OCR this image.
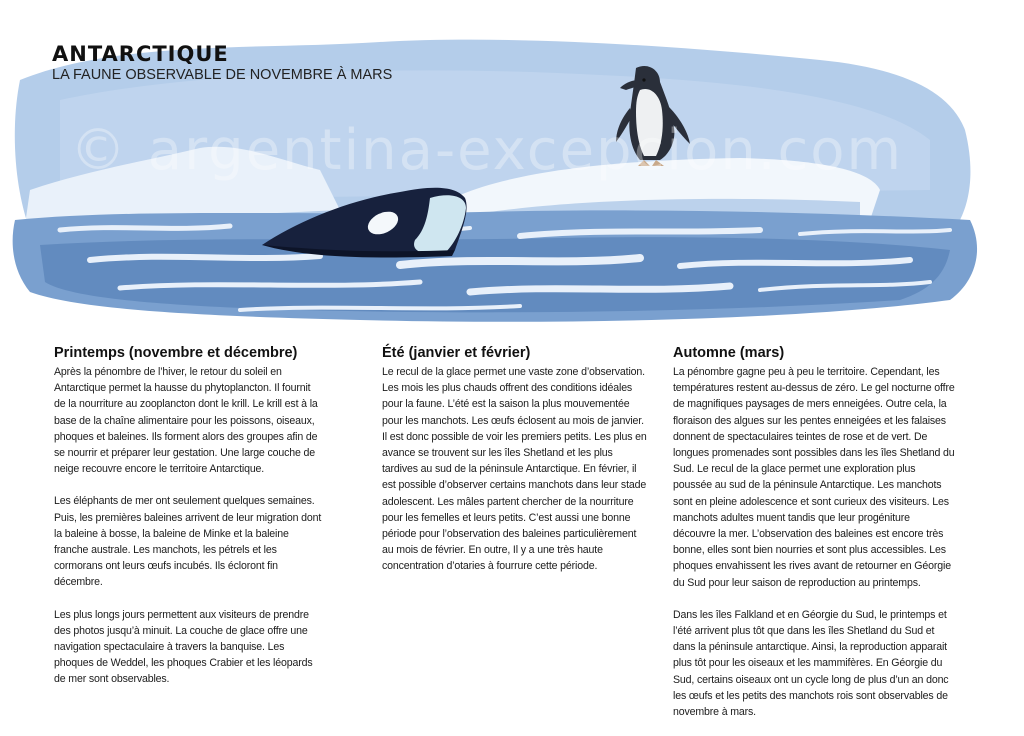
© argentina-excepcion.com
ANTARCTIQUE
LA FAUNE OBSERVABLE DE NOVEMBRE À MARS
Printemps (novembre et décembre)

Après la pénombre de l’hiver, le retour du soleil en Antarctique permet la hausse du phytoplancton. Il fournit de la nourriture au zooplancton dont le krill. Le krill est à la base de la chaîne alimentaire pour les poissons, oiseaux, phoques et baleines. Ils forment alors des groupes afin de se nourrir et préparer leur gestation. Une large couche de neige recouvre encore le territoire Antarctique.

Les éléphants de mer ont seulement quelques semaines. Puis, les premières baleines arrivent de leur migration dont la baleine à bosse, la baleine de Minke et la baleine franche australe. Les manchots, les pétrels et les cormorans ont leurs œufs incubés. Ils écloront fin décembre.

Les plus longs jours permettent aux visiteurs de prendre des photos jusqu’à minuit. La couche de glace offre une navigation spectaculaire à travers la banquise. Les phoques de Weddel, les phoques Crabier et les léopards de mer sont observables.

Été (janvier et février)

Le recul de la glace permet une vaste zone d’observation. Les mois les plus chauds offrent des conditions idéales pour la faune. L’été est la saison la plus mouvementée pour les manchots. Les œufs éclosent au mois de janvier. Il est donc possible de voir les premiers petits. Les plus en avance se trouvent sur les îles Shetland et les plus tardives au sud de la péninsule Antarctique. En février, il est possible d’observer certains manchots dans leur stade adolescent. Les mâles partent chercher de la nourriture pour les femelles et leurs petits. C’est aussi une bonne période pour l’observation des baleines particulièrement au mois de février. En outre, Il y a une très haute concentration d’otaries à fourrure cette période.

Automne (mars)

La pénombre gagne peu à peu le territoire. Cependant, les températures restent au-dessus de zéro. Le gel nocturne offre de magnifiques paysages de mers enneigées. Outre cela, la floraison des algues sur les pentes enneigées et les falaises donnent de spectaculaires teintes de rose et de vert. De longues promenades sont possibles dans les îles Shetland du Sud. Le recul de la glace permet une exploration plus poussée au sud de la péninsule Antarctique. Les manchots sont en pleine adolescence et sont curieux des visiteurs. Les manchots adultes muent tandis que leur progéniture découvre la mer. L’observation des baleines est encore très bonne, elles sont bien nourries et sont plus accessibles. Les phoques envahissent les rives avant de retourner en Géorgie du Sud pour leur saison de reproduction au printemps.

Dans les îles Falkland et en Géorgie du Sud, le printemps et l’été arrivent plus tôt que dans les îles Shetland du Sud et dans la péninsule antarctique. Ainsi, la reproduction apparait plus tôt pour les oiseaux et les mammifères. En Géorgie du Sud, certains oiseaux ont un cycle long de plus d’un an donc les œufs et les petits des manchots rois sont observables de novembre à mars.
